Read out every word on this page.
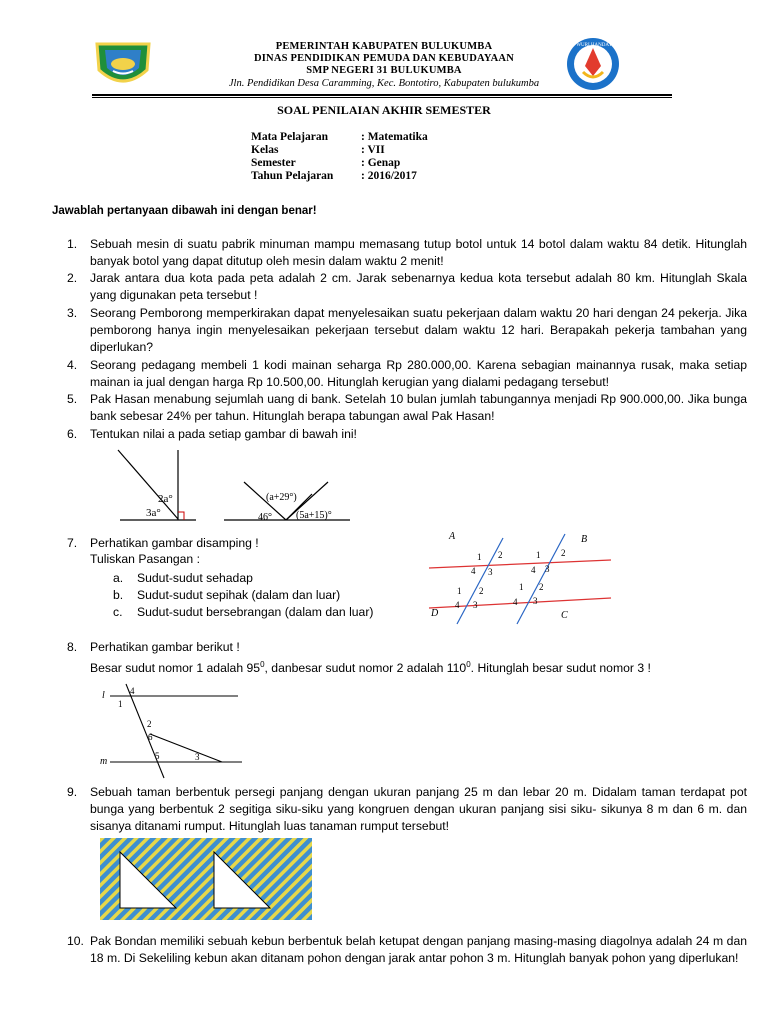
TUT WURI HANDAYANI
PEMERINTAH KABUPATEN BULUKUMBA
DINAS PENDIDIKAN PEMUDA DAN KEBUDAYAAN
SMP NEGERI 31 BULUKUMBA
Jln. Pendidikan Desa Caramming, Kec. Bontotiro, Kabupaten bulukumba
SOAL PENILAIAN AKHIR SEMESTER
Mata Pelajaran	: Matematika
Kelas	: VII
Semester	: Genap
Tahun Pelajaran	: 2016/2017
Jawablah pertanyaan dibawah ini dengan benar!
1.	Sebuah mesin di suatu pabrik minuman mampu memasang tutup botol untuk 14 botol dalam waktu 84 detik. Hitunglah banyak botol yang dapat ditutup oleh mesin dalam waktu 2 menit!
2.	Jarak antara dua kota pada peta adalah 2 cm. Jarak sebenarnya kedua kota tersebut adalah 80 km. Hitunglah Skala yang digunakan peta tersebut !
3.	Seorang Pemborong memperkirakan dapat menyelesaikan suatu pekerjaan dalam waktu 20 hari dengan 24 pekerja. Jika pemborong hanya ingin menyelesaikan pekerjaan tersebut dalam waktu 12 hari. Berapakah pekerja tambahan yang diperlukan?
4.	Seorang pedagang membeli 1 kodi mainan seharga Rp 280.000,00. Karena sebagian mainannya rusak, maka setiap mainan ia jual dengan harga Rp 10.500,00. Hitunglah kerugian yang dialami pedagang tersebut!
5.	Pak Hasan menabung sejumlah uang di bank. Setelah 10 bulan jumlah tabungannya menjadi Rp 900.000,00. Jika bunga bank sebesar 24% per tahun. Hitunglah berapa tabungan awal Pak Hasan!
6.	Tentukan nilai a pada setiap gambar di bawah ini!
2a°
3a°
(a+29°)
46° (5a+15)°
7.	Perhatikan gambar disamping !
Tuliskan Pasangan :
a. Sudut-sudut sehadap
b. Sudut-sudut sepihak (dalam dan luar)
c. Sudut-sudut bersebrangan (dalam dan luar)
A	B
C
D
1 2
4 3
1 2
4 3
1 2
4 3
1 2
4 3
8.	Perhatikan gambar berikut !
Besar sudut nomor 1 adalah $95^0$, danbesar sudut nomor 2 adalah $110^0$. Hitunglah besar sudut nomor 3 !
l
m
4
1
2
6
5	3
9.	Sebuah taman berbentuk persegi panjang dengan ukuran panjang 25 m dan lebar 20 m. Didalam taman terdapat pot bunga yang berbentuk 2 segitiga siku-siku yang kongruen dengan ukuran panjang sisi siku- sikunya 8 m dan 6 m. dan sisanya ditanami rumput. Hitunglah luas tanaman rumput tersebut!
10. Pak Bondan memiliki sebuah kebun berbentuk belah ketupat dengan panjang masing-masing diagolnya adalah 24 m dan 18 m. Di Sekeliling kebun akan ditanam pohon dengan jarak antar pohon 3 m. Hitunglah banyak pohon yang diperlukan!
